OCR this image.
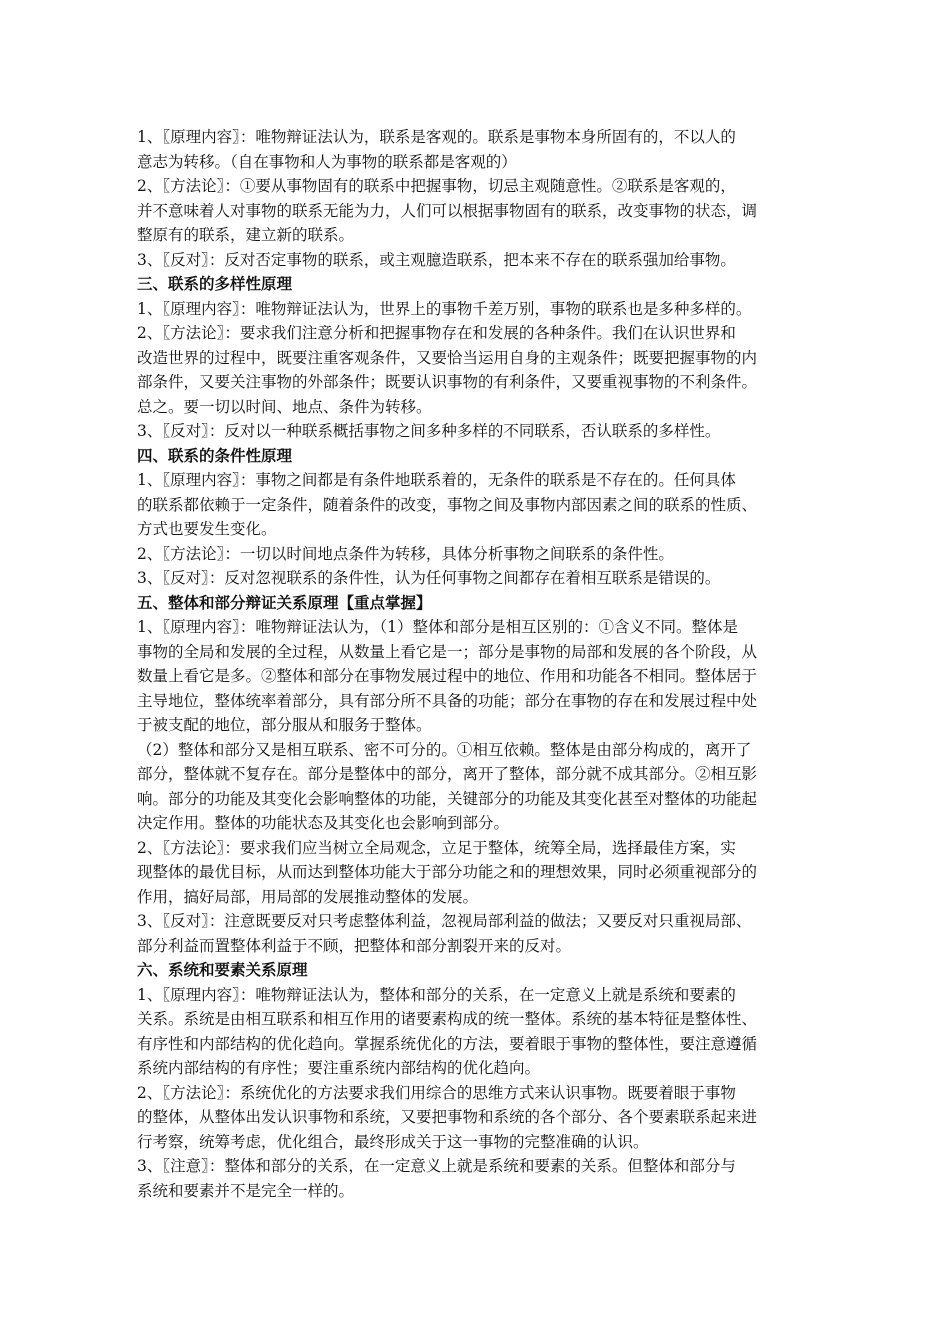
1、〖原理内容〗：唯物辩证法认为，联系是客观的。联系是事物本身所固有的，不以人的
意志为转移。（自在事物和人为事物的联系都是客观的）
2、〖方法论〗：①要从事物固有的联系中把握事物，切忌主观随意性。②联系是客观的，
并不意味着人对事物的联系无能为力，人们可以根据事物固有的联系，改变事物的状态，调
整原有的联系，建立新的联系。
3、〖反对〗：反对否定事物的联系，或主观臆造联系，把本来不存在的联系强加给事物。
三、联系的多样性原理
1、〖原理内容〗：唯物辩证法认为，世界上的事物千差万别，事物的联系也是多种多样的。
2、〖方法论〗：要求我们注意分析和把握事物存在和发展的各种条件。我们在认识世界和
改造世界的过程中，既要注重客观条件，又要恰当运用自身的主观条件；既要把握事物的内
部条件，又要关注事物的外部条件；既要认识事物的有利条件，又要重视事物的不利条件。
总之。要一切以时间、地点、条件为转移。
3、〖反对〗：反对以一种联系概括事物之间多种多样的不同联系，否认联系的多样性。
四、联系的条件性原理
1、〖原理内容〗：事物之间都是有条件地联系着的，无条件的联系是不存在的。任何具体
的联系都依赖于一定条件，随着条件的改变，事物之间及事物内部因素之间的联系的性质、
方式也要发生变化。
2、〖方法论〗：一切以时间地点条件为转移，具体分析事物之间联系的条件性。
3、〖反对〗：反对忽视联系的条件性，认为任何事物之间都存在着相互联系是错误的。
五、整体和部分辩证关系原理【重点掌握】
1、〖原理内容〗：唯物辩证法认为，（1）整体和部分是相互区别的：①含义不同。整体是
事物的全局和发展的全过程，从数量上看它是一；部分是事物的局部和发展的各个阶段，从
数量上看它是多。②整体和部分在事物发展过程中的地位、作用和功能各不相同。整体居于
主导地位，整体统率着部分，具有部分所不具备的功能；部分在事物的存在和发展过程中处
于被支配的地位，部分服从和服务于整体。
（2）整体和部分又是相互联系、密不可分的。①相互依赖。整体是由部分构成的，离开了
部分，整体就不复存在。部分是整体中的部分，离开了整体，部分就不成其部分。②相互影
响。部分的功能及其变化会影响整体的功能，关键部分的功能及其变化甚至对整体的功能起
决定作用。整体的功能状态及其变化也会影响到部分。
2、〖方法论〗：要求我们应当树立全局观念，立足于整体，统筹全局，选择最佳方案，实
现整体的最优目标，从而达到整体功能大于部分功能之和的理想效果，同时必须重视部分的
作用，搞好局部，用局部的发展推动整体的发展。
3、〖反对〗：注意既要反对只考虑整体利益，忽视局部利益的做法；又要反对只重视局部、
部分利益而置整体利益于不顾，把整体和部分割裂开来的反对。
六、系统和要素关系原理
1、〖原理内容〗：唯物辩证法认为，整体和部分的关系，在一定意义上就是系统和要素的
关系。系统是由相互联系和相互作用的诸要素构成的统一整体。系统的基本特征是整体性、
有序性和内部结构的优化趋向。掌握系统优化的方法，要着眼于事物的整体性，要注意遵循
系统内部结构的有序性；要注重系统内部结构的优化趋向。
2、〖方法论〗：系统优化的方法要求我们用综合的思维方式来认识事物。既要着眼于事物
的整体，从整体出发认识事物和系统，又要把事物和系统的各个部分、各个要素联系起来进
行考察，统筹考虑，优化组合，最终形成关于这一事物的完整准确的认识。
3、〖注意〗：整体和部分的关系，在一定意义上就是系统和要素的关系。但整体和部分与
系统和要素并不是完全一样的。
